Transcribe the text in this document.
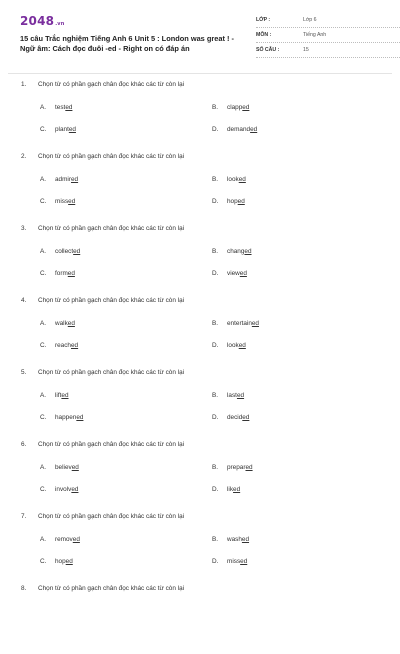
2048.vn
15 câu Trắc nghiệm Tiếng Anh 6 Unit 5 : London was great ! - Ngữ âm: Cách đọc đuôi -ed - Right on có đáp án
LỚP :	Lớp 6
MÔN :	Tiếng Anh
SỐ CÂU :	15
1. Chọn từ có phần gạch chân đọc khác các từ còn lại
A. tested	B. clapped
C. planted	D. demanded
2. Chọn từ có phần gạch chân đọc khác các từ còn lại
A. admired	B. looked
C. missed	D. hoped
3. Chọn từ có phần gạch chân đọc khác các từ còn lại
A. collected	B. changed
C. formed	D. viewed
4. Chọn từ có phần gạch chân đọc khác các từ còn lại
A. walked	B. entertained
C. reached	D. looked
5. Chọn từ có phần gạch chân đọc khác các từ còn lại
A. lifted	B. lasted
C. happened	D. decided
6. Chọn từ có phần gạch chân đọc khác các từ còn lại
A. believed	B. prepared
C. involved	D. liked
7. Chọn từ có phần gạch chân đọc khác các từ còn lại
A. removed	B. washed
C. hoped	D. missed
8. Chọn từ có phần gạch chân đọc khác các từ còn lại
